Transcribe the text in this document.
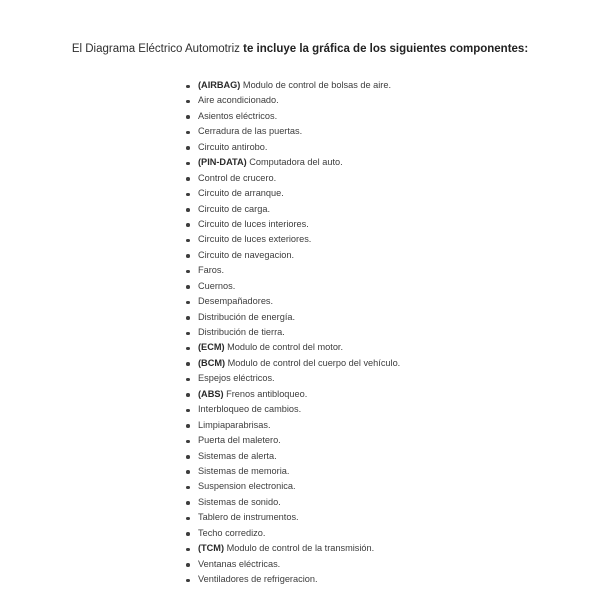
El Diagrama Eléctrico Automotriz te incluye la gráfica de los siguientes componentes:
(AIRBAG) Modulo de control de bolsas de aire.
Aire acondicionado.
Asientos eléctricos.
Cerradura de las puertas.
Circuito antirobo.
(PIN-DATA) Computadora del auto.
Control de crucero.
Circuito de arranque.
Circuito de carga.
Circuito de luces interiores.
Circuito de luces exteriores.
Circuito de navegacion.
Faros.
Cuernos.
Desempañadores.
Distribución de energía.
Distribución de tierra.
(ECM) Modulo de control del motor.
(BCM) Modulo de control del cuerpo del vehículo.
Espejos eléctricos.
(ABS) Frenos antibloqueo.
Interbloqueo de cambios.
Limpiaparabrisas.
Puerta del maletero.
Sistemas de alerta.
Sistemas de memoria.
Suspension electronica.
Sistemas de sonido.
Tablero de instrumentos.
Techo corredizo.
(TCM) Modulo de control de la transmisión.
Ventanas eléctricas.
Ventiladores de refrigeracion.
